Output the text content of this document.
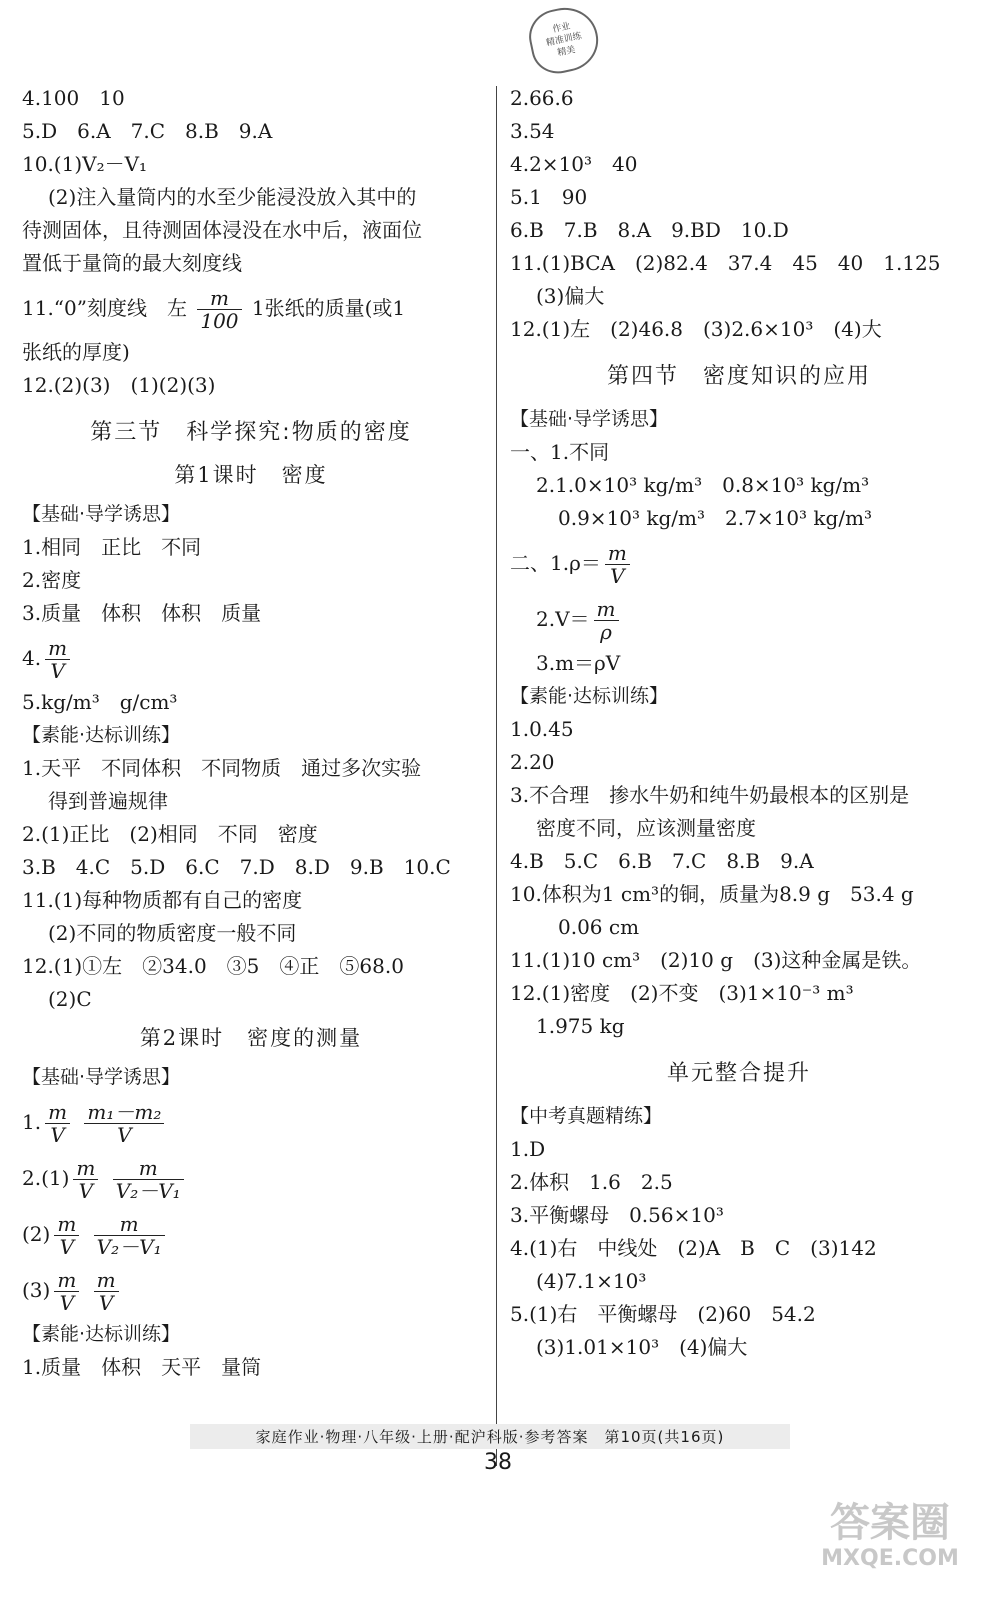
作业
精准训练
精美
4.100　10
5.D　6.A　7.C　8.B　9.A
10.(1)V₂－V₁
(2)注入量筒内的水至少能浸没放入其中的
待测固体，且待测固体浸没在水中后，液面位
置低于量筒的最大刻度线
11.“0”刻度线　左 $\frac{m}{100} 1$张纸的质量(或1
张纸的厚度)
12.(2)(3)　(1)(2)(3)
第三节　科学探究:物质的密度
第1课时　密度
【基础·导学诱思】
1.相同　正比　不同
2.密度
3.质量　体积　体积　质量
4. $\frac{m}{V}$
5.kg/m³　g/cm³
【素能·达标训练】
1.天平　不同体积　不同物质　通过多次实验
得到普遍规律
2.(1)正比　(2)相同　不同　密度
3.B　4.C　5.D　6.C　7.D　8.D　9.B　10.C
11.(1)每种物质都有自己的密度
(2)不同的物质密度一般不同
12.(1)①左　②34.0　③5　④正　⑤68.0
(2)C
第2课时　密度的测量
【基础·导学诱思】
1. $\frac{m}{V}$
$\frac{\text{m₁－m₂}}{V}$
$2.(1) \frac{m}{V}$
$\frac{m}{\text{V₂－V₁}}$
$(2) \frac{m}{V}$
$\frac{m}{\text{V₂－V₁}}$
$(3) \frac{m}{V}$
$\frac{m}{V}$
【素能·达标训练】
1.质量　体积　天平　量筒
2.66.6
3.54
4.2×10³　40
5.1　90
6.B　7.B　8.A　9.BD　10.D
11.(1)BCA　(2)82.4　37.4　45　40　1.125
(3)偏大
12.(1)左　(2)46.8　(3)2.6×10³　(4)大
第四节　密度知识的应用
【基础·导学诱思】
一、1.不同
2.1.0×10³ kg/m³　0.8×10³ kg/m³
0.9×10³ kg/m³　2.7×10³ kg/m³
二、$1.\rho= \frac{m}{V}$
$2.V= \frac{m}{\rho}$
3.m＝ρV
【素能·达标训练】
1.0.45
2.20
3.不合理　掺水牛奶和纯牛奶最根本的区别是
密度不同，应该测量密度
4.B　5.C　6.B　7.C　8.B　9.A
10.体积为1 cm³的铜，质量为8.9 g　53.4 g
0.06 cm
11.(1)10 cm³　(2)10 g　(3)这种金属是铁。
12.(1)密度　(2)不变　(3)1×10⁻³ m³
1.975 kg
单元整合提升
【中考真题精练】
1.D
2.体积　1.6　2.5
3.平衡螺母　0.56×10³
4.(1)右　中线处　(2)A　B　C　(3)142
(4)7.1×10³
5.(1)右　平衡螺母　(2)60　54.2
(3)1.01×10³　(4)偏大
家庭作业·物理·八年级·上册·配沪科版·参考答案　第10页(共16页)
38
答案圈
MXQE.COM
